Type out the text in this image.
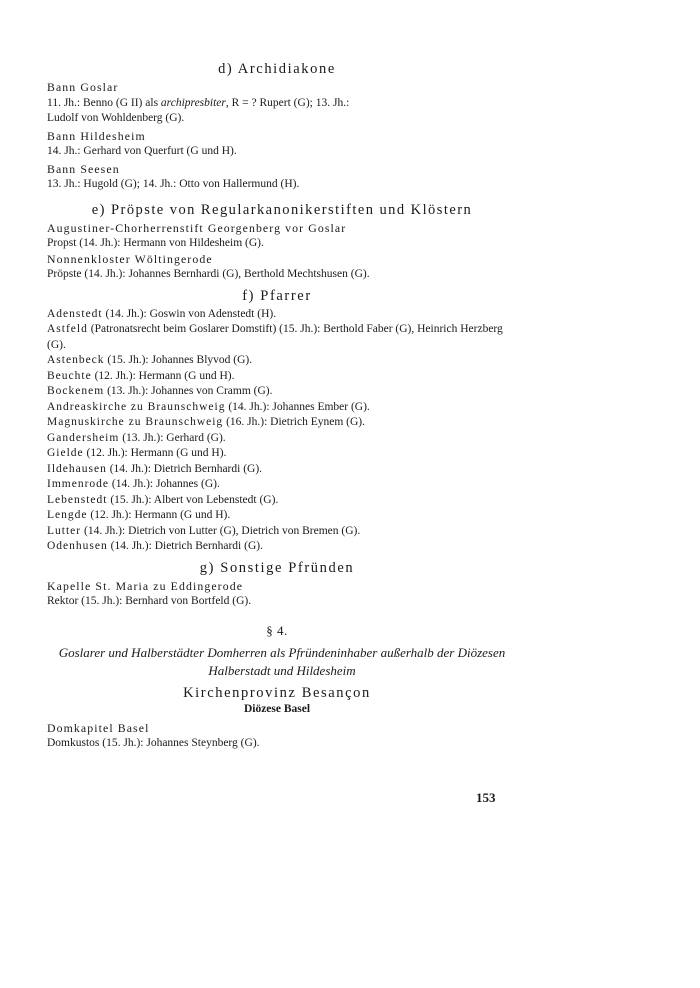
d) Archidiakone

Bann Goslar

11. Jh.: Benno (G II) als archipresbiter, R = ? Rupert (G); 13. Jh.:

Ludolf von Wohldenberg (G).

Bann Hildesheim

14. Jh.: Gerhard von Querfurt (G und H).

Bann Seesen

13. Jh.: Hugold (G); 14. Jh.: Otto von Hallermund (H).

e) Pröpste von Regularkanonikerstiften und Klöstern

Augustiner-Chorherrenstift Georgenberg vor Goslar

Propst (14. Jh.): Hermann von Hildesheim (G).

Nonnenkloster Wöltingerode

Pröpste (14. Jh.): Johannes Bernhardi (G), Berthold Mechtshusen (G).

f) Pfarrer

Adenstedt (14. Jh.): Goswin von Adenstedt (H).

Astfeld (Patronatsrecht beim Goslarer Domstift) (15. Jh.): Berthold Faber (G), Heinrich Herzberg (G).

Astenbeck (15. Jh.): Johannes Blyvod (G).

Beuchte (12. Jh.): Hermann (G und H).

Bockenem (13. Jh.): Johannes von Cramm (G).

Andreaskirche zu Braunschweig (14. Jh.): Johannes Ember (G).

Magnuskirche zu Braunschweig (16. Jh.): Dietrich Eynem (G).

Gandersheim (13. Jh.): Gerhard (G).

Gielde (12. Jh.): Hermann (G und H).

Ildehausen (14. Jh.): Dietrich Bernhardi (G).

Immenrode (14. Jh.): Johannes (G).

Lebenstedt (15. Jh.): Albert von Lebenstedt (G).

Lengde (12. Jh.): Hermann (G und H).

Lutter (14. Jh.): Dietrich von Lutter (G), Dietrich von Bremen (G).

Odenhusen (14. Jh.): Dietrich Bernhardi (G).

g) Sonstige Pfründen

Kapelle St. Maria zu Eddingerode

Rektor (15. Jh.): Bernhard von Bortfeld (G).

§ 4.

Goslarer und Halberstädter Domherren als Pfründeninhaber außerhalb der Diözesen

Halberstadt und Hildesheim

Kirchenprovinz Besançon

Diözese Basel

Domkapitel Basel

Domkustos (15. Jh.): Johannes Steynberg (G).

153
